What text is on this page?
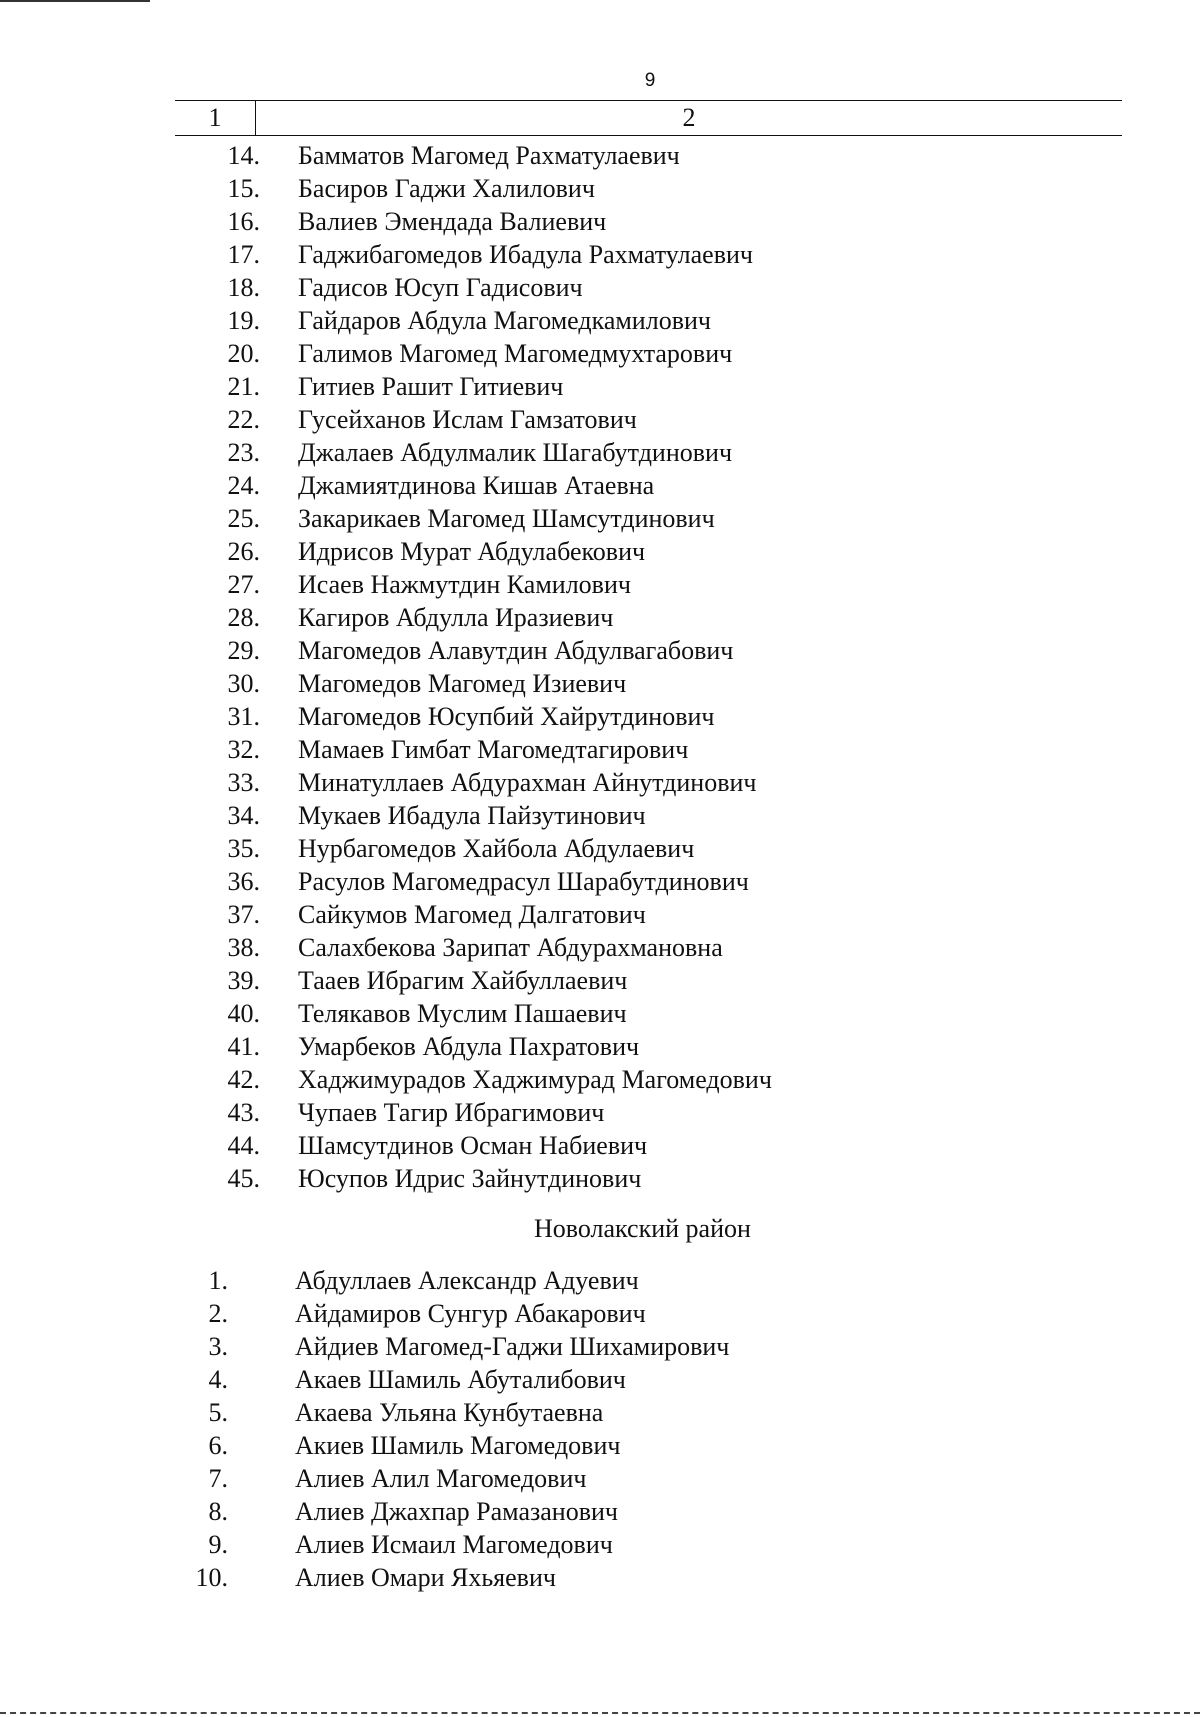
9
1	2
14. Бамматов Магомед Рахматулаевич
15. Басиров Гаджи Халилович
16. Валиев Эмендада Валиевич
17. Гаджибагомедов Ибадула Рахматулаевич
18. Гадисов Юсуп Гадисович
19. Гайдаров Абдула Магомедкамилович
20. Галимов Магомед Магомедмухтарович
21. Гитиев Рашит Гитиевич
22. Гусейханов Ислам Гамзатович
23. Джалаев Абдулмалик Шагабутдинович
24. Джамиятдинова Кишав Атаевна
25. Закарикаев Магомед Шамсутдинович
26. Идрисов Мурат Абдулабекович
27. Исаев Нажмутдин Камилович
28. Кагиров Абдулла Иразиевич
29. Магомедов Алавутдин Абдулвагабович
30. Магомедов Магомед Изиевич
31. Магомедов Юсупбий Хайрутдинович
32. Мамаев Гимбат Магомедтагирович
33. Минатуллаев Абдурахман Айнутдинович
34. Мукаев Ибадула Пайзутинович
35. Нурбагомедов Хайбола Абдулаевич
36. Расулов Магомедрасул Шарабутдинович
37. Сайкумов Магомед Далгатович
38. Салахбекова Зарипат Абдурахмановна
39. Тааев Ибрагим Хайбуллаевич
40. Телякавов Муслим Пашаевич
41. Умарбеков Абдула Пахратович
42. Хаджимурадов Хаджимурад Магомедович
43. Чупаев Тагир Ибрагимович
44. Шамсутдинов Осман Набиевич
45. Юсупов Идрис Зайнутдинович
Новолакский район
1.	Абдуллаев Александр Адуевич
2.	Айдамиров Сунгур Абакарович
3.	Айдиев Магомед-Гаджи Шихамирович
4.	Акаев Шамиль Абуталибович
5.	Акаева Ульяна Кунбутаевна
6.	Акиев Шамиль Магомедович
7.	Алиев Алил Магомедович
8.	Алиев Джахпар Рамазанович
9.	Алиев Исмаил Магомедович
10.	Алиев Омари Яхьяевич
